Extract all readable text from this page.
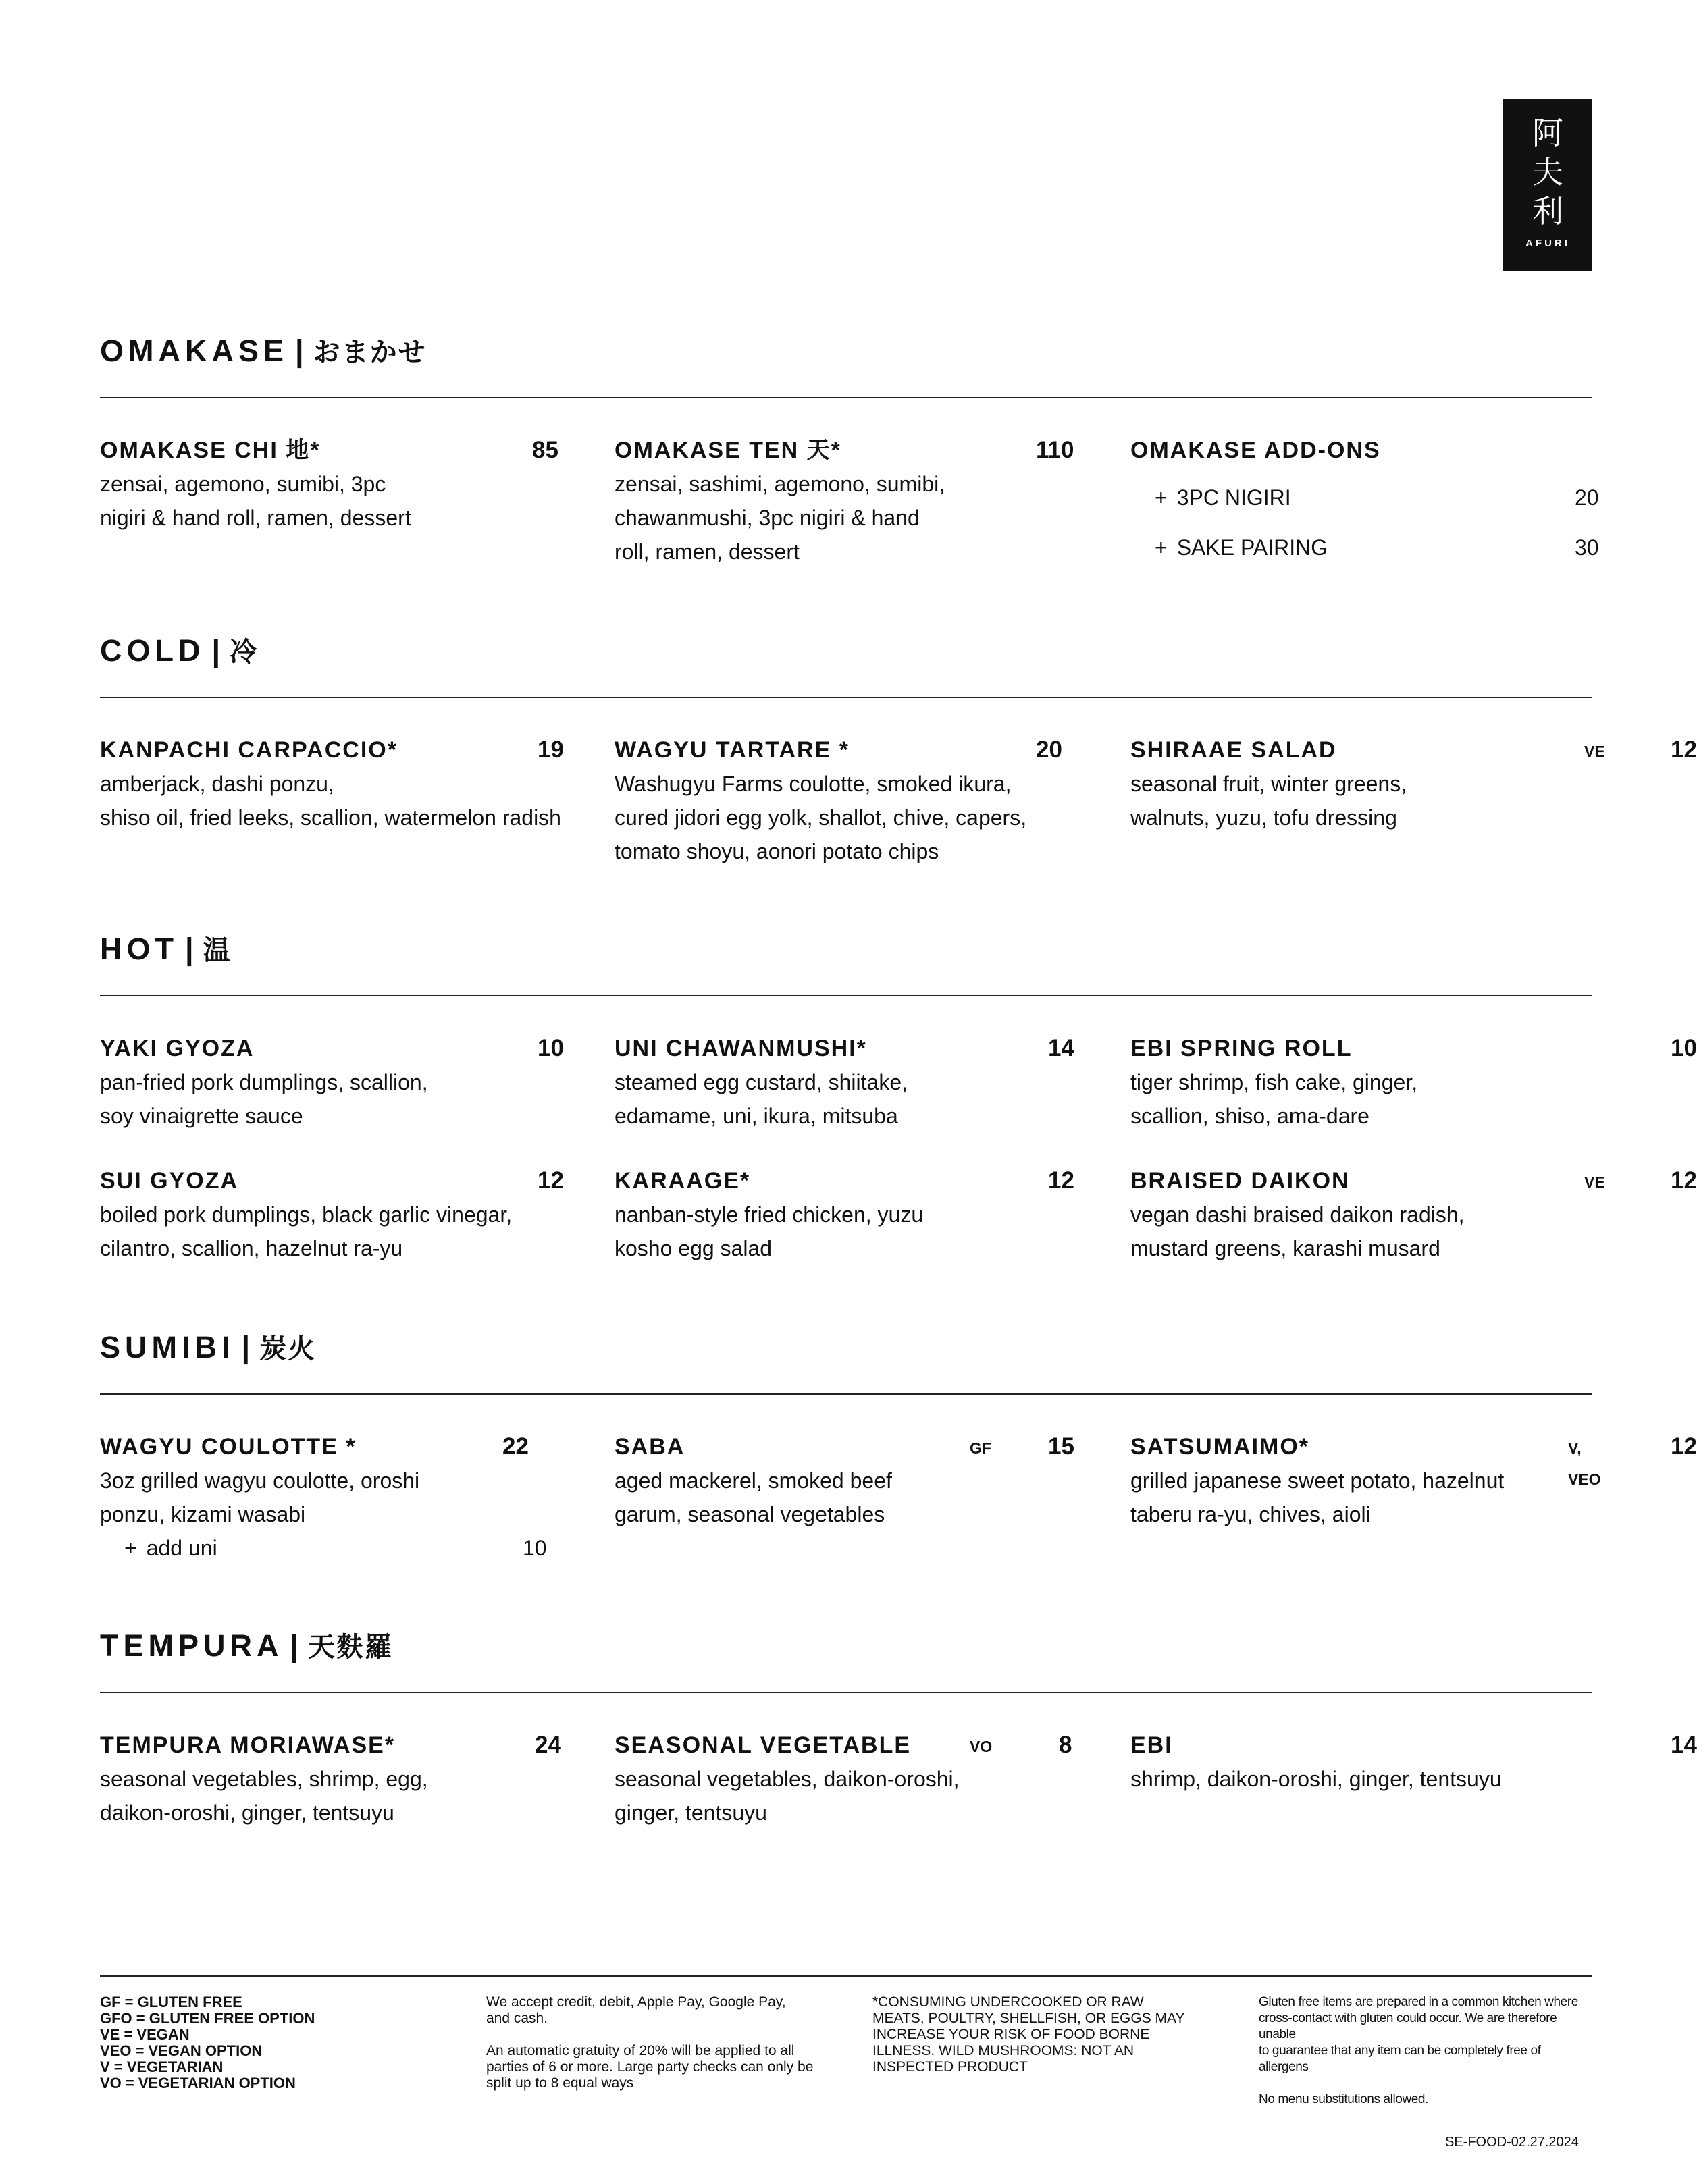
阿
夫
利
AFURI
OMAKASE | おまかせ
OMAKASE CHI 地*	85
zensai, agemono, sumibi, 3pc
nigiri & hand roll, ramen, dessert
OMAKASE TEN 天*	110
zensai, sashimi, agemono, sumibi,
chawanmushi, 3pc nigiri & hand
roll, ramen, dessert
OMAKASE ADD-ONS
+ 3PC NIGIRI	20
+ SAKE PAIRING	30
COLD | 冷
KANPACHI CARPACCIO*	19
amberjack, dashi ponzu,
shiso oil, fried leeks, scallion, watermelon radish
WAGYU TARTARE *	20
Washugyu Farms coulotte, smoked ikura,
cured jidori egg yolk, shallot, chive, capers,
tomato shoyu, aonori potato chips
SHIRAAE SALAD	VE	12
seasonal fruit, winter greens,
walnuts, yuzu, tofu dressing
HOT | 温
YAKI GYOZA	10
pan-fried pork dumplings, scallion,
soy vinaigrette sauce
UNI CHAWANMUSHI*	14
steamed egg custard, shiitake,
edamame, uni, ikura, mitsuba
EBI SPRING ROLL	10
tiger shrimp, fish cake, ginger,
scallion, shiso, ama-dare
SUI GYOZA	12
boiled pork dumplings, black garlic vinegar,
cilantro, scallion, hazelnut ra-yu
KARAAGE*	12
nanban-style fried chicken, yuzu
kosho egg salad
BRAISED DAIKON	VE	12
vegan dashi braised daikon radish,
mustard greens, karashi musard
SUMIBI | 炭火
WAGYU COULOTTE *	22
3oz grilled wagyu coulotte, oroshi
ponzu, kizami wasabi
+ add uni	10
SABA	GF 15
aged mackerel, smoked beef
garum, seasonal vegetables
SATSUMAIMO*	V, VEO
12
grilled japanese sweet potato, hazelnut
taberu ra-yu, chives, aioli
TEMPURA | 天麩羅
TEMPURA MORIAWASE*	24
seasonal vegetables, shrimp, egg,
daikon-oroshi, ginger, tentsuyu
SEASONAL VEGETABLE	VO	8
seasonal vegetables, daikon-oroshi,
ginger, tentsuyu
EBI	14
shrimp, daikon-oroshi, ginger, tentsuyu
GF = GLUTEN FREE
GFO = GLUTEN FREE OPTION
VE = VEGAN
VEO = VEGAN OPTION
V = VEGETARIAN
VO = VEGETARIAN OPTION
We accept credit, debit, Apple Pay, Google Pay,
and cash.
An automatic gratuity of 20% will be applied to all
parties of 6 or more. Large party checks can only be
split up to 8 equal ways
*CONSUMING UNDERCOOKED OR RAW
MEATS, POULTRY, SHELLFISH, OR EGGS MAY
INCREASE YOUR RISK OF FOOD BORNE
ILLNESS. WILD MUSHROOMS: NOT AN
INSPECTED PRODUCT
Gluten free items are prepared in a common kitchen where
cross-contact with gluten could occur. We are therefore unable
to guarantee that any item can be completely free of allergens
No menu substitutions allowed.
SE-FOOD-02.27.2024
